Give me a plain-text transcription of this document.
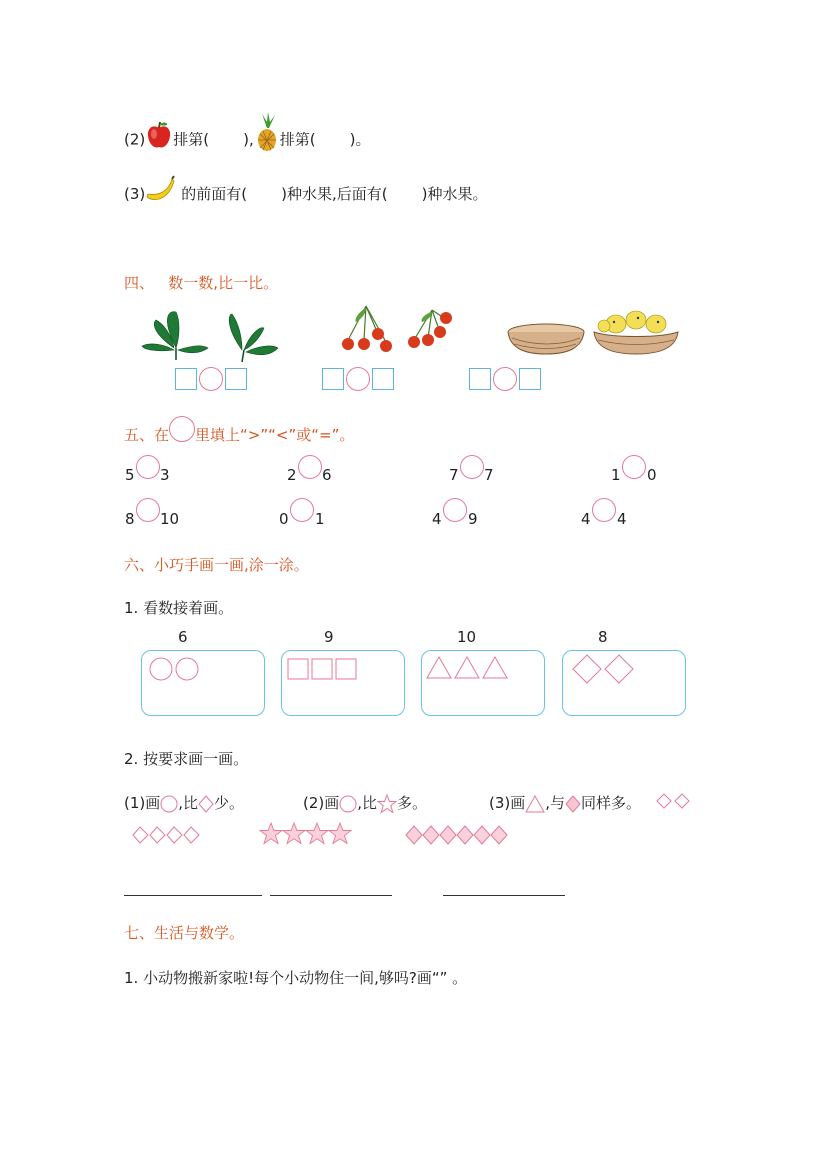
(2) 排第( ), 排第( )。
(3) 的前面有( )种水果,后面有( )种水果。
四、   数一数,比一比。
五、在 里填上“>”“<”或“=”。
5 3	2 6	7 7	1 0
8 10	0 1	4 9	4 4
六、小巧手画一画,涂一涂。
1. 看数接着画。
6	9	10	8
2. 按要求画一画。
(1)画 ,比 少。	(2)画 ,比 多。	(3)画 ,与 同样多。
七、生活与数学。
1. 小动物搬新家啦!每个小动物住一间,够吗?画“” 。
